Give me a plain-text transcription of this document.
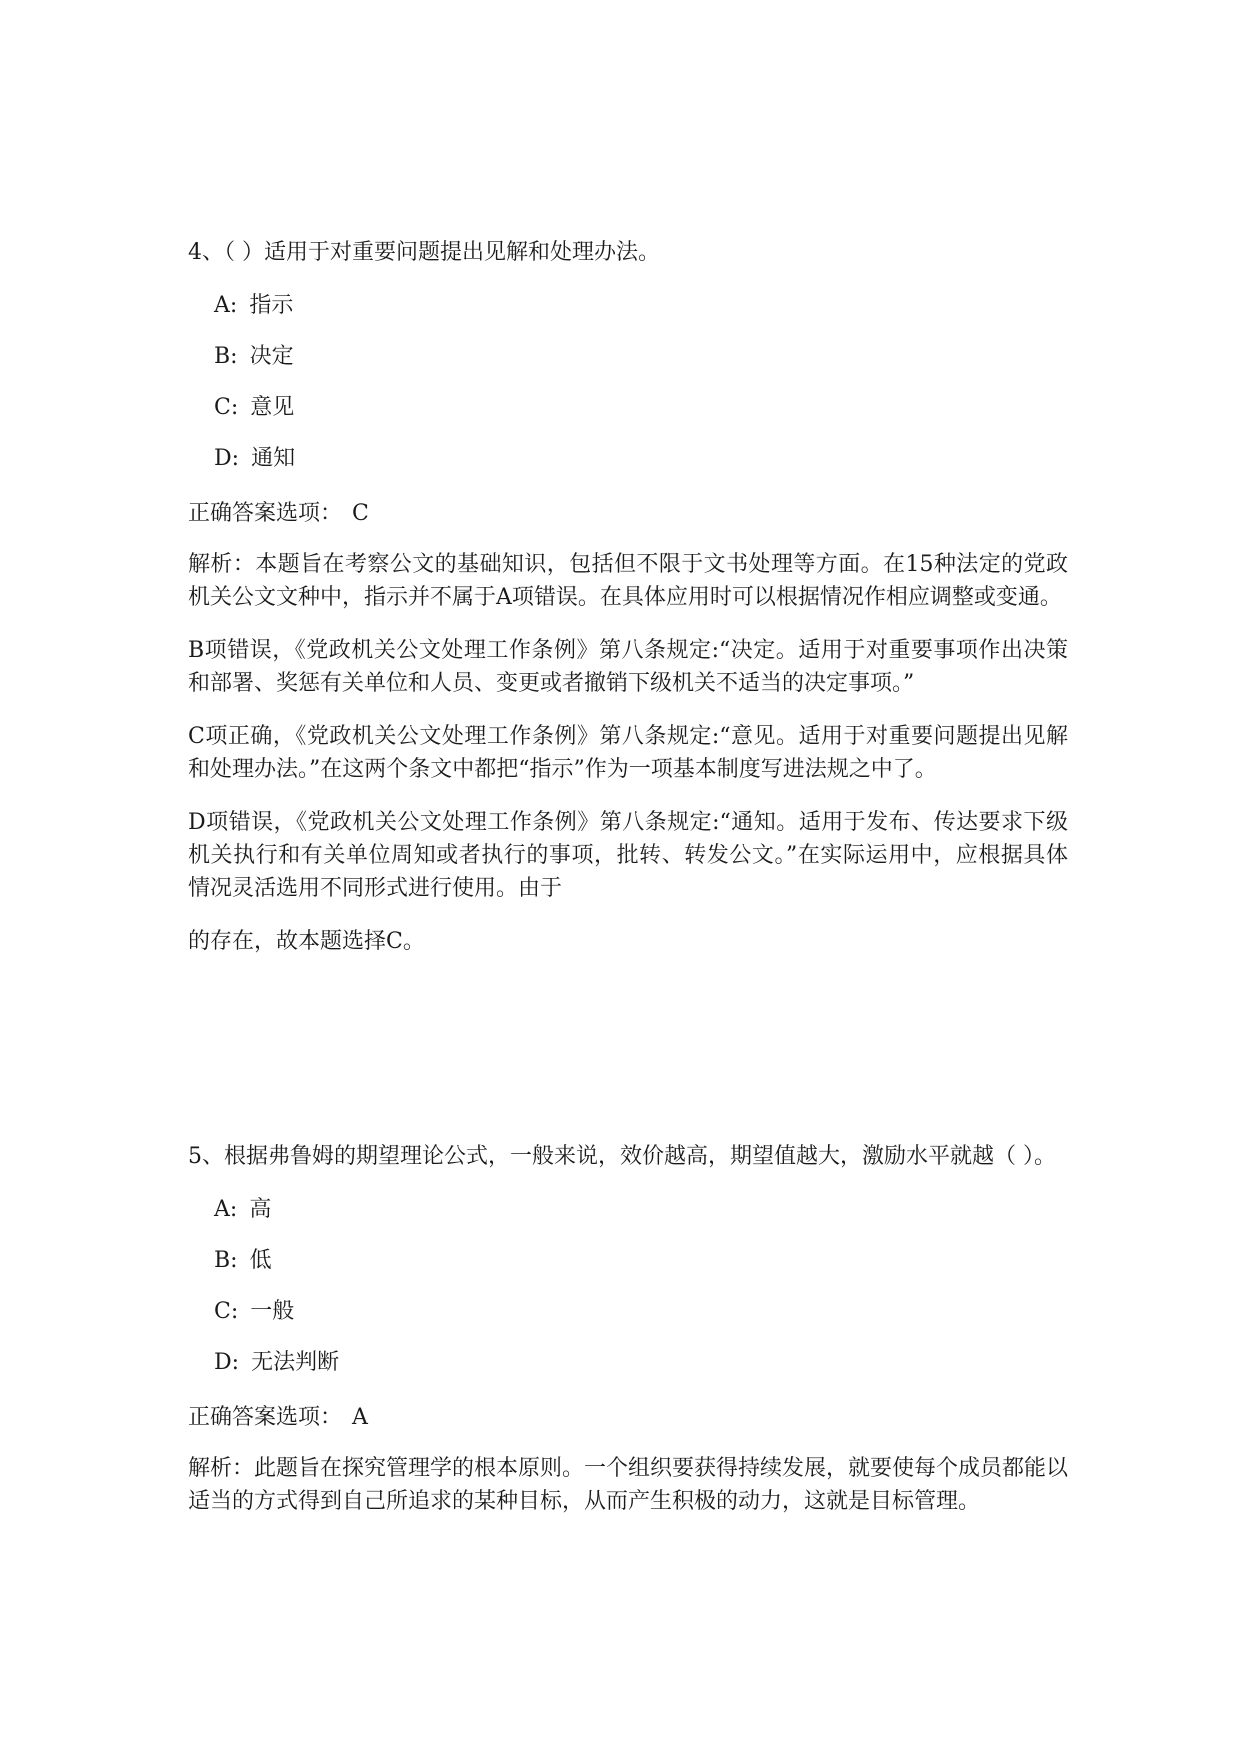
4、（ ）适用于对重要问题提出见解和处理办法。

A: 指示
B: 决定
C: 意见
D: 通知

正确答案选项： C

解析：本题旨在考察公文的基础知识，包括但不限于文书处理等方面。在15种法定的党政机关公文文种中，指示并不属于A项错误。在具体应用时可以根据情况作相应调整或变通。

B项错误，《党政机关公文处理工作条例》第八条规定:“决定。适用于对重要事项作出决策和部署、奖惩有关单位和人员、变更或者撤销下级机关不适当的决定事项。”

C项正确，《党政机关公文处理工作条例》第八条规定:“意见。适用于对重要问题提出见解和处理办法。”在这两个条文中都把“指示”作为一项基本制度写进法规之中了。

D项错误，《党政机关公文处理工作条例》第八条规定:“通知。适用于发布、传达要求下级机关执行和有关单位周知或者执行的事项，批转、转发公文。”在实际运用中，应根据具体情况灵活选用不同形式进行使用。由于

的存在，故本题选择C。

5、根据弗鲁姆的期望理论公式，一般来说，效价越高，期望值越大，激励水平就越（ ）。

A: 高
B: 低
C: 一般
D: 无法判断

正确答案选项： A

解析：此题旨在探究管理学的根本原则。一个组织要获得持续发展，就要使每个成员都能以适当的方式得到自己所追求的某种目标，从而产生积极的动力，这就是目标管理。
